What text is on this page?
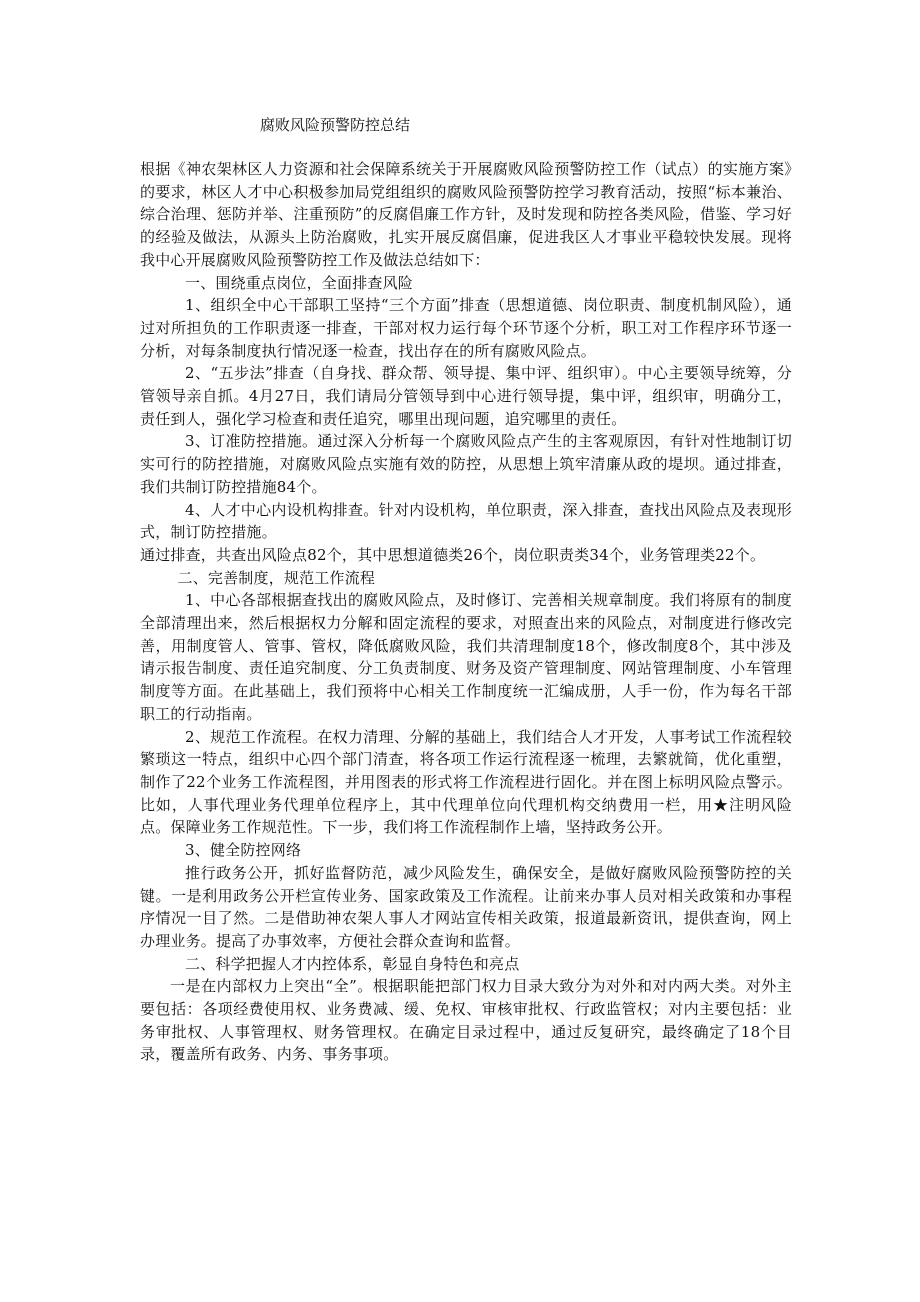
腐败风险预警防控总结

根据《神农架林区人力资源和社会保障系统关于开展腐败风险预警防控工作（试点）的实施方案》的要求，林区人才中心积极参加局党组组织的腐败风险预警防控学习教育活动，按照“标本兼治、综合治理、惩防并举、注重预防”的反腐倡廉工作方针，及时发现和防控各类风险，借鉴、学习好的经验及做法，从源头上防治腐败，扎实开展反腐倡廉，促进我区人才事业平稳较快发展。现将我中心开展腐败风险预警防控工作及做法总结如下：

一、围绕重点岗位，全面排查风险

1、组织全中心干部职工坚持“三个方面”排查（思想道德、岗位职责、制度机制风险），通过对所担负的工作职责逐一排查，干部对权力运行每个环节逐个分析，职工对工作程序环节逐一分析，对每条制度执行情况逐一检查，找出存在的所有腐败风险点。

2、“五步法”排查（自身找、群众帮、领导提、集中评、组织审）。中心主要领导统筹，分管领导亲自抓。4月27日，我们请局分管领导到中心进行领导提，集中评，组织审，明确分工，责任到人，强化学习检查和责任追究，哪里出现问题，追究哪里的责任。

3、订准防控措施。通过深入分析每一个腐败风险点产生的主客观原因，有针对性地制订切实可行的防控措施，对腐败风险点实施有效的防控，从思想上筑牢清廉从政的堤坝。通过排查，我们共制订防控措施84个。

4、人才中心内设机构排查。针对内设机构，单位职责，深入排查，查找出风险点及表现形式，制订防控措施。

通过排查，共查出风险点82个，其中思想道德类26个，岗位职责类34个，业务管理类22个。

二、完善制度，规范工作流程

1、中心各部根据查找出的腐败风险点，及时修订、完善相关规章制度。我们将原有的制度全部清理出来，然后根据权力分解和固定流程的要求，对照查出来的风险点，对制度进行修改完善，用制度管人、管事、管权，降低腐败风险，我们共清理制度18个，修改制度8个，其中涉及请示报告制度、责任追究制度、分工负责制度、财务及资产管理制度、网站管理制度、小车管理制度等方面。在此基础上，我们预将中心相关工作制度统一汇编成册，人手一份，作为每名干部职工的行动指南。

2、规范工作流程。在权力清理、分解的基础上，我们结合人才开发，人事考试工作流程较繁琐这一特点，组织中心四个部门清查，将各项工作运行流程逐一梳理，去繁就简，优化重塑，制作了22个业务工作流程图，并用图表的形式将工作流程进行固化。并在图上标明风险点警示。比如，人事代理业务代理单位程序上，其中代理单位向代理机构交纳费用一栏，用★注明风险点。保障业务工作规范性。下一步，我们将工作流程制作上墙，坚持政务公开。

3、健全防控网络

推行政务公开，抓好监督防范，减少风险发生，确保安全，是做好腐败风险预警防控的关键。一是利用政务公开栏宣传业务、国家政策及工作流程。让前来办事人员对相关政策和办事程序情况一目了然。二是借助神农架人事人才网站宣传相关政策，报道最新资讯，提供查询，网上办理业务。提高了办事效率，方便社会群众查询和监督。

二、科学把握人才内控体系，彰显自身特色和亮点

一是在内部权力上突出“全”。根据职能把部门权力目录大致分为对外和对内两大类。对外主要包括：各项经费使用权、业务费减、缓、免权、审核审批权、行政监管权；对内主要包括：业务审批权、人事管理权、财务管理权。在确定目录过程中，通过反复研究，最终确定了18个目录，覆盖所有政务、内务、事务事项。
